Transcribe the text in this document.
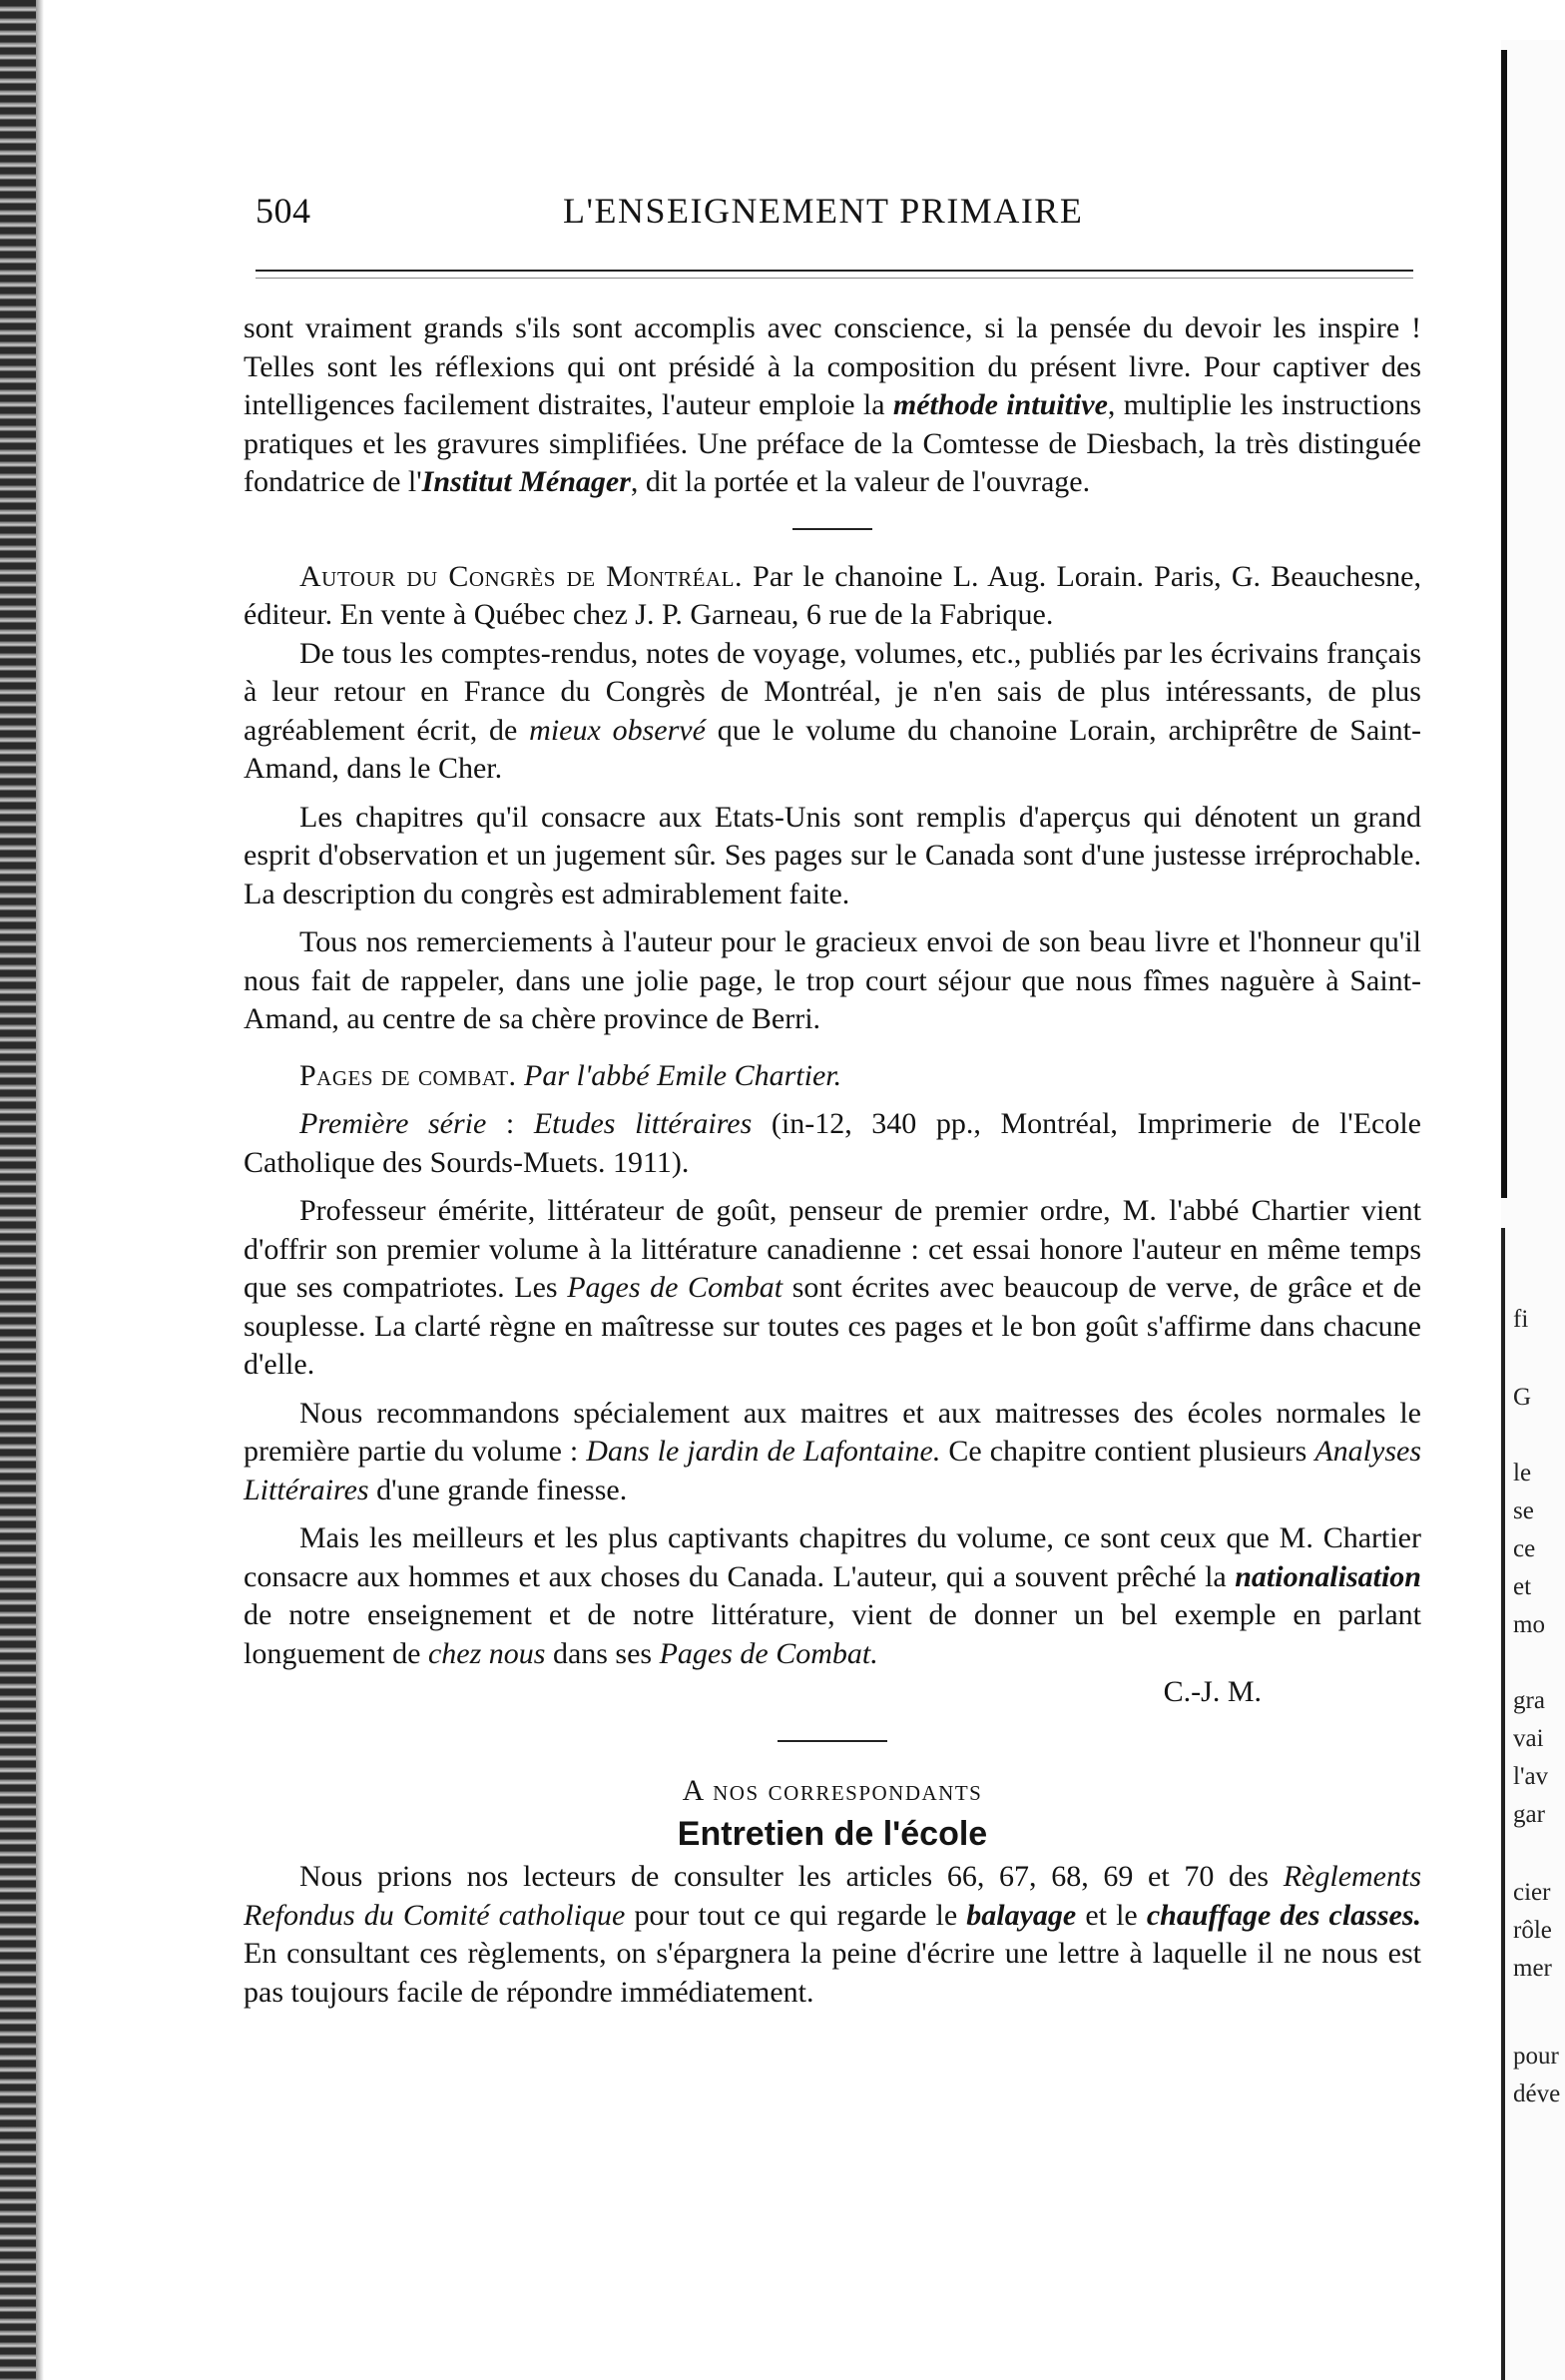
fi
G
le
se
ce
et
mo
gra
vai
l'av
gar
cier
rôle
mer
pour
déve
504	L'ENSEIGNEMENT PRIMAIRE

sont vraiment grands s'ils sont accomplis avec conscience, si la pensée du devoir les inspire ! Telles sont les réflexions qui ont présidé à la composition du présent livre. Pour captiver des intelligences facilement distraites, l'auteur emploie la méthode intuitive, multiplie les instructions pratiques et les gravures simplifiées. Une préface de la Comtesse de Diesbach, la très distinguée fondatrice de l'Institut Ménager, dit la portée et la valeur de l'ouvrage.

Autour du Congrès de Montréal. Par le chanoine L. Aug. Lorain. Paris, G. Beauchesne, éditeur. En vente à Québec chez J. P. Garneau, 6 rue de la Fabrique.

De tous les comptes-rendus, notes de voyage, volumes, etc., publiés par les écrivains français à leur retour en France du Congrès de Montréal, je n'en sais de plus intéressants, de plus agréablement écrit, de mieux observé que le volume du chanoine Lorain, archiprêtre de Saint-Amand, dans le Cher.

Les chapitres qu'il consacre aux Etats-Unis sont remplis d'aperçus qui dénotent un grand esprit d'observation et un jugement sûr. Ses pages sur le Canada sont d'une justesse irréprochable. La description du congrès est admirablement faite.

Tous nos remerciements à l'auteur pour le gracieux envoi de son beau livre et l'honneur qu'il nous fait de rappeler, dans une jolie page, le trop court séjour que nous fîmes naguère à Saint-Amand, au centre de sa chère province de Berri.

Pages de combat. Par l'abbé Emile Chartier.

Première série : Etudes littéraires (in-12, 340 pp., Montréal, Imprimerie de l'Ecole Catholique des Sourds-Muets. 1911).

Professeur émérite, littérateur de goût, penseur de premier ordre, M. l'abbé Chartier vient d'offrir son premier volume à la littérature canadienne : cet essai honore l'auteur en même temps que ses compatriotes. Les Pages de Combat sont écrites avec beaucoup de verve, de grâce et de souplesse. La clarté règne en maîtresse sur toutes ces pages et le bon goût s'affirme dans chacune d'elle.

Nous recommandons spécialement aux maitres et aux maitresses des écoles normales le première partie du volume : Dans le jardin de Lafontaine. Ce chapitre contient plusieurs Analyses Littéraires d'une grande finesse.

Mais les meilleurs et les plus captivants chapitres du volume, ce sont ceux que M. Chartier consacre aux hommes et aux choses du Canada. L'auteur, qui a souvent prêché la nationalisation de notre enseignement et de notre littérature, vient de donner un bel exemple en parlant longuement de chez nous dans ses Pages de Combat.

C.-J. M.

A nos correspondants

Entretien de l'école

Nous prions nos lecteurs de consulter les articles 66, 67, 68, 69 et 70 des Règlements Refondus du Comité catholique pour tout ce qui regarde le balayage et le chauffage des classes. En consultant ces règlements, on s'épargnera la peine d'écrire une lettre à laquelle il ne nous est pas toujours facile de répondre immédiatement.
